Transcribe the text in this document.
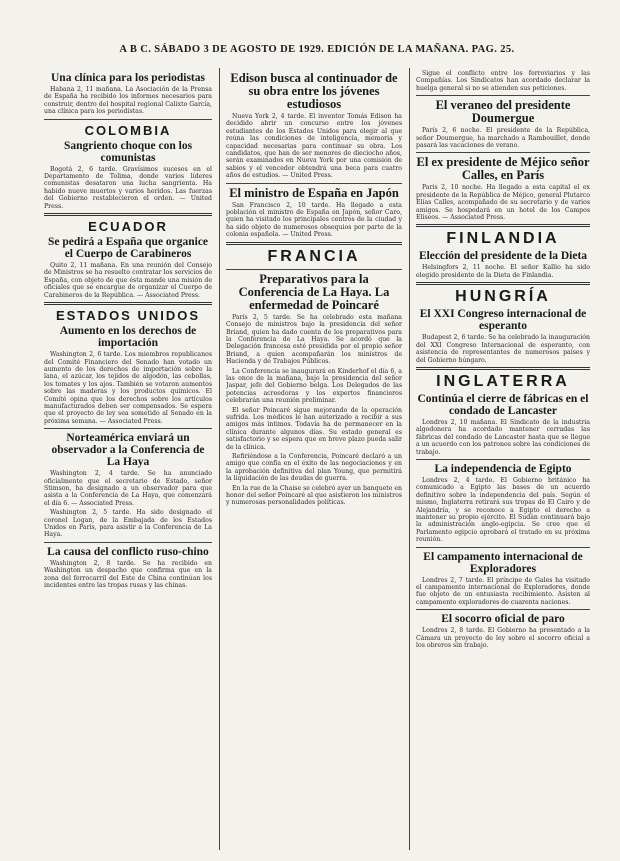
A B C. SÁBADO 3 DE AGOSTO DE 1929. EDICIÓN DE LA MAÑANA. PAG. 25.
Una clínica para los periodistas
Habana 2, 11 mañana. La Asociación de la Prensa de España ha recibido los informes necesarios para construir, dentro del hospital regional Calixto García, una clínica para los periodistas.
COLOMBIA
Sangriento choque con los comunistas
Bogotá 2, 6 tarde. Gravísimos sucesos en el Departamento de Tolima, donde varios líderes comunistas desataron una lucha sangrienta. Ha habido nueve muertos y varios heridos. Las fuerzas del Gobierno restablecieron el orden. — United Press.
ECUADOR
Se pedirá a España que organice el Cuerpo de Carabineros
Quito 2, 11 mañana. En una reunión del Consejo de Ministros se ha resuelto contratar los servicios de España, con objeto de que ésta mande una misión de oficiales que se encargue de organizar el Cuerpo de Carabineros de la República. — Associated Press.
ESTADOS UNIDOS
Aumento en los derechos de importación
Washington 2, 6 tarde. Los miembros republicanos del Comité Financiero del Senado han votado un aumento de los derechos de importación sobre la lana, el azúcar, los tejidos de algodón, las cebollas, los tomates y los ajos. También se votaron aumentos sobre las maderas y los productos químicos. El Comité opina que los derechos sobre los artículos manufacturados deben ser compensados. Se espera que el proyecto de ley sea sometido al Senado en la próxima semana. — Associated Press.
Norteamérica enviará un observador a la Conferencia de La Haya
Washington 2, 4 tarde. Se ha anunciado oficialmente que el secretario de Estado, señor Stimson, ha designado a un observador para que asista a la Conferencia de La Haya, que comenzará el día 6. — Associated Press.
Washington 2, 5 tarde. Ha sido designado el coronel Logan, de la Embajada de los Estados Unidos en París, para asistir a la Conferencia de La Haya.
La causa del conflicto ruso-chino
Washington 2, 8 tarde. Se ha recibido en Washington un despacho que confirma que en la zona del ferrocarril del Este de China continúan los incidentes entre las tropas rusas y las chinas.
Edison busca al continuador de su obra entre los jóvenes estudiosos
Nueva York 2, 4 tarde. El inventor Tomás Edison ha decidido abrir un concurso entre los jóvenes estudiantes de los Estados Unidos para elegir al que reúna las condiciones de inteligencia, memoria y capacidad necesarias para continuar su obra. Los candidatos, que han de ser menores de dieciocho años, serán examinados en Nueva York por una comisión de sabios y el vencedor obtendrá una beca para cuatro años de estudios. — United Press.
El ministro de España en Japón
San Francisco 2, 10 tarde. Ha llegado a esta población el ministro de España en Japón, señor Caro, quien ha visitado los principales centros de la ciudad y ha sido objeto de numerosos obsequios por parte de la colonia española. — United Press.
FRANCIA
Preparativos para la Conferencia de La Haya. La enfermedad de Poincaré
París 2, 5 tarde. Se ha celebrado esta mañana Consejo de ministros bajo la presidencia del señor Briand, quien ha dado cuenta de los preparativos para la Conferencia de La Haya. Se acordó que la Delegación francesa esté presidida por el propio señor Briand, a quien acompañarán los ministros de Hacienda y de Trabajos Públicos.
La Conferencia se inaugurará en Kinderhof el día 6, a las once de la mañana, bajo la presidencia del señor Jaspar, jefe del Gobierno belga. Los Delegados de las potencias acreedoras y los expertos financieros celebrarán una reunión preliminar.
El señor Poincaré sigue mejorando de la operación sufrida. Los médicos le han autorizado a recibir a sus amigos más íntimos. Todavía ha de permanecer en la clínica durante algunos días. Su estado general es satisfactorio y se espera que en breve plazo pueda salir de la clínica.
Refiriéndose a la Conferencia, Poincaré declaró a un amigo que confía en el éxito de las negociaciones y en la aprobación definitiva del plan Young, que permitirá la liquidación de las deudas de guerra.
En la rue de la Chaise se celebró ayer un banquete en honor del señor Poincaré al que asistieron los ministros y numerosas personalidades políticas.
Sigue el conflicto entre los ferroviarios y las Compañías. Los Sindicatos han acordado declarar la huelga general si no se atienden sus peticiones.
El veraneo del presidente Doumergue
París 2, 6 noche. El presidente de la República, señor Doumergue, ha marchado a Rambouillet, donde pasará las vacaciones de verano.
El ex presidente de Méjico señor Calles, en París
París 2, 10 noche. Ha llegado a esta capital el ex presidente de la República de Méjico, general Plutarco Elías Calles, acompañado de su secretario y de varios amigos. Se hospedará en un hotel de los Campos Elíseos. — Associated Press.
FINLANDIA
Elección del presidente de la Dieta
Helsingfors 2, 11 noche. El señor Kallio ha sido elegido presidente de la Dieta de Finlandia.
HUNGRÍA
El XXI Congreso internacional de esperanto
Budapest 2, 6 tarde. Se ha celebrado la inauguración del XXI Congreso Internacional de esperanto, con asistencia de representantes de numerosos países y del Gobierno húngaro.
INGLATERRA
Continúa el cierre de fábricas en el condado de Lancaster
Londres 2, 10 mañana. El Sindicato de la industria algodonera ha acordado mantener cerradas las fábricas del condado de Lancaster hasta que se llegue a un acuerdo con los patronos sobre las condiciones de trabajo.
La independencia de Egipto
Londres 2, 4 tarde. El Gobierno británico ha comunicado a Egipto las bases de un acuerdo definitivo sobre la independencia del país. Según el mismo, Inglaterra retirará sus tropas de El Cairo y de Alejandría, y se reconoce a Egipto el derecho a mantener su propio ejército. El Sudán continuará bajo la administración anglo-egipcia. Se cree que el Parlamento egipcio aprobará el tratado en su próxima reunión.
El campamento internacional de Exploradores
Londres 2, 7 tarde. El príncipe de Gales ha visitado el campamento internacional de Exploradores, donde fue objeto de un entusiasta recibimiento. Asisten al campamento exploradores de cuarenta naciones.
El socorro oficial de paro
Londres 2, 8 tarde. El Gobierno ha presentado a la Cámara un proyecto de ley sobre el socorro oficial a los obreros sin trabajo.
